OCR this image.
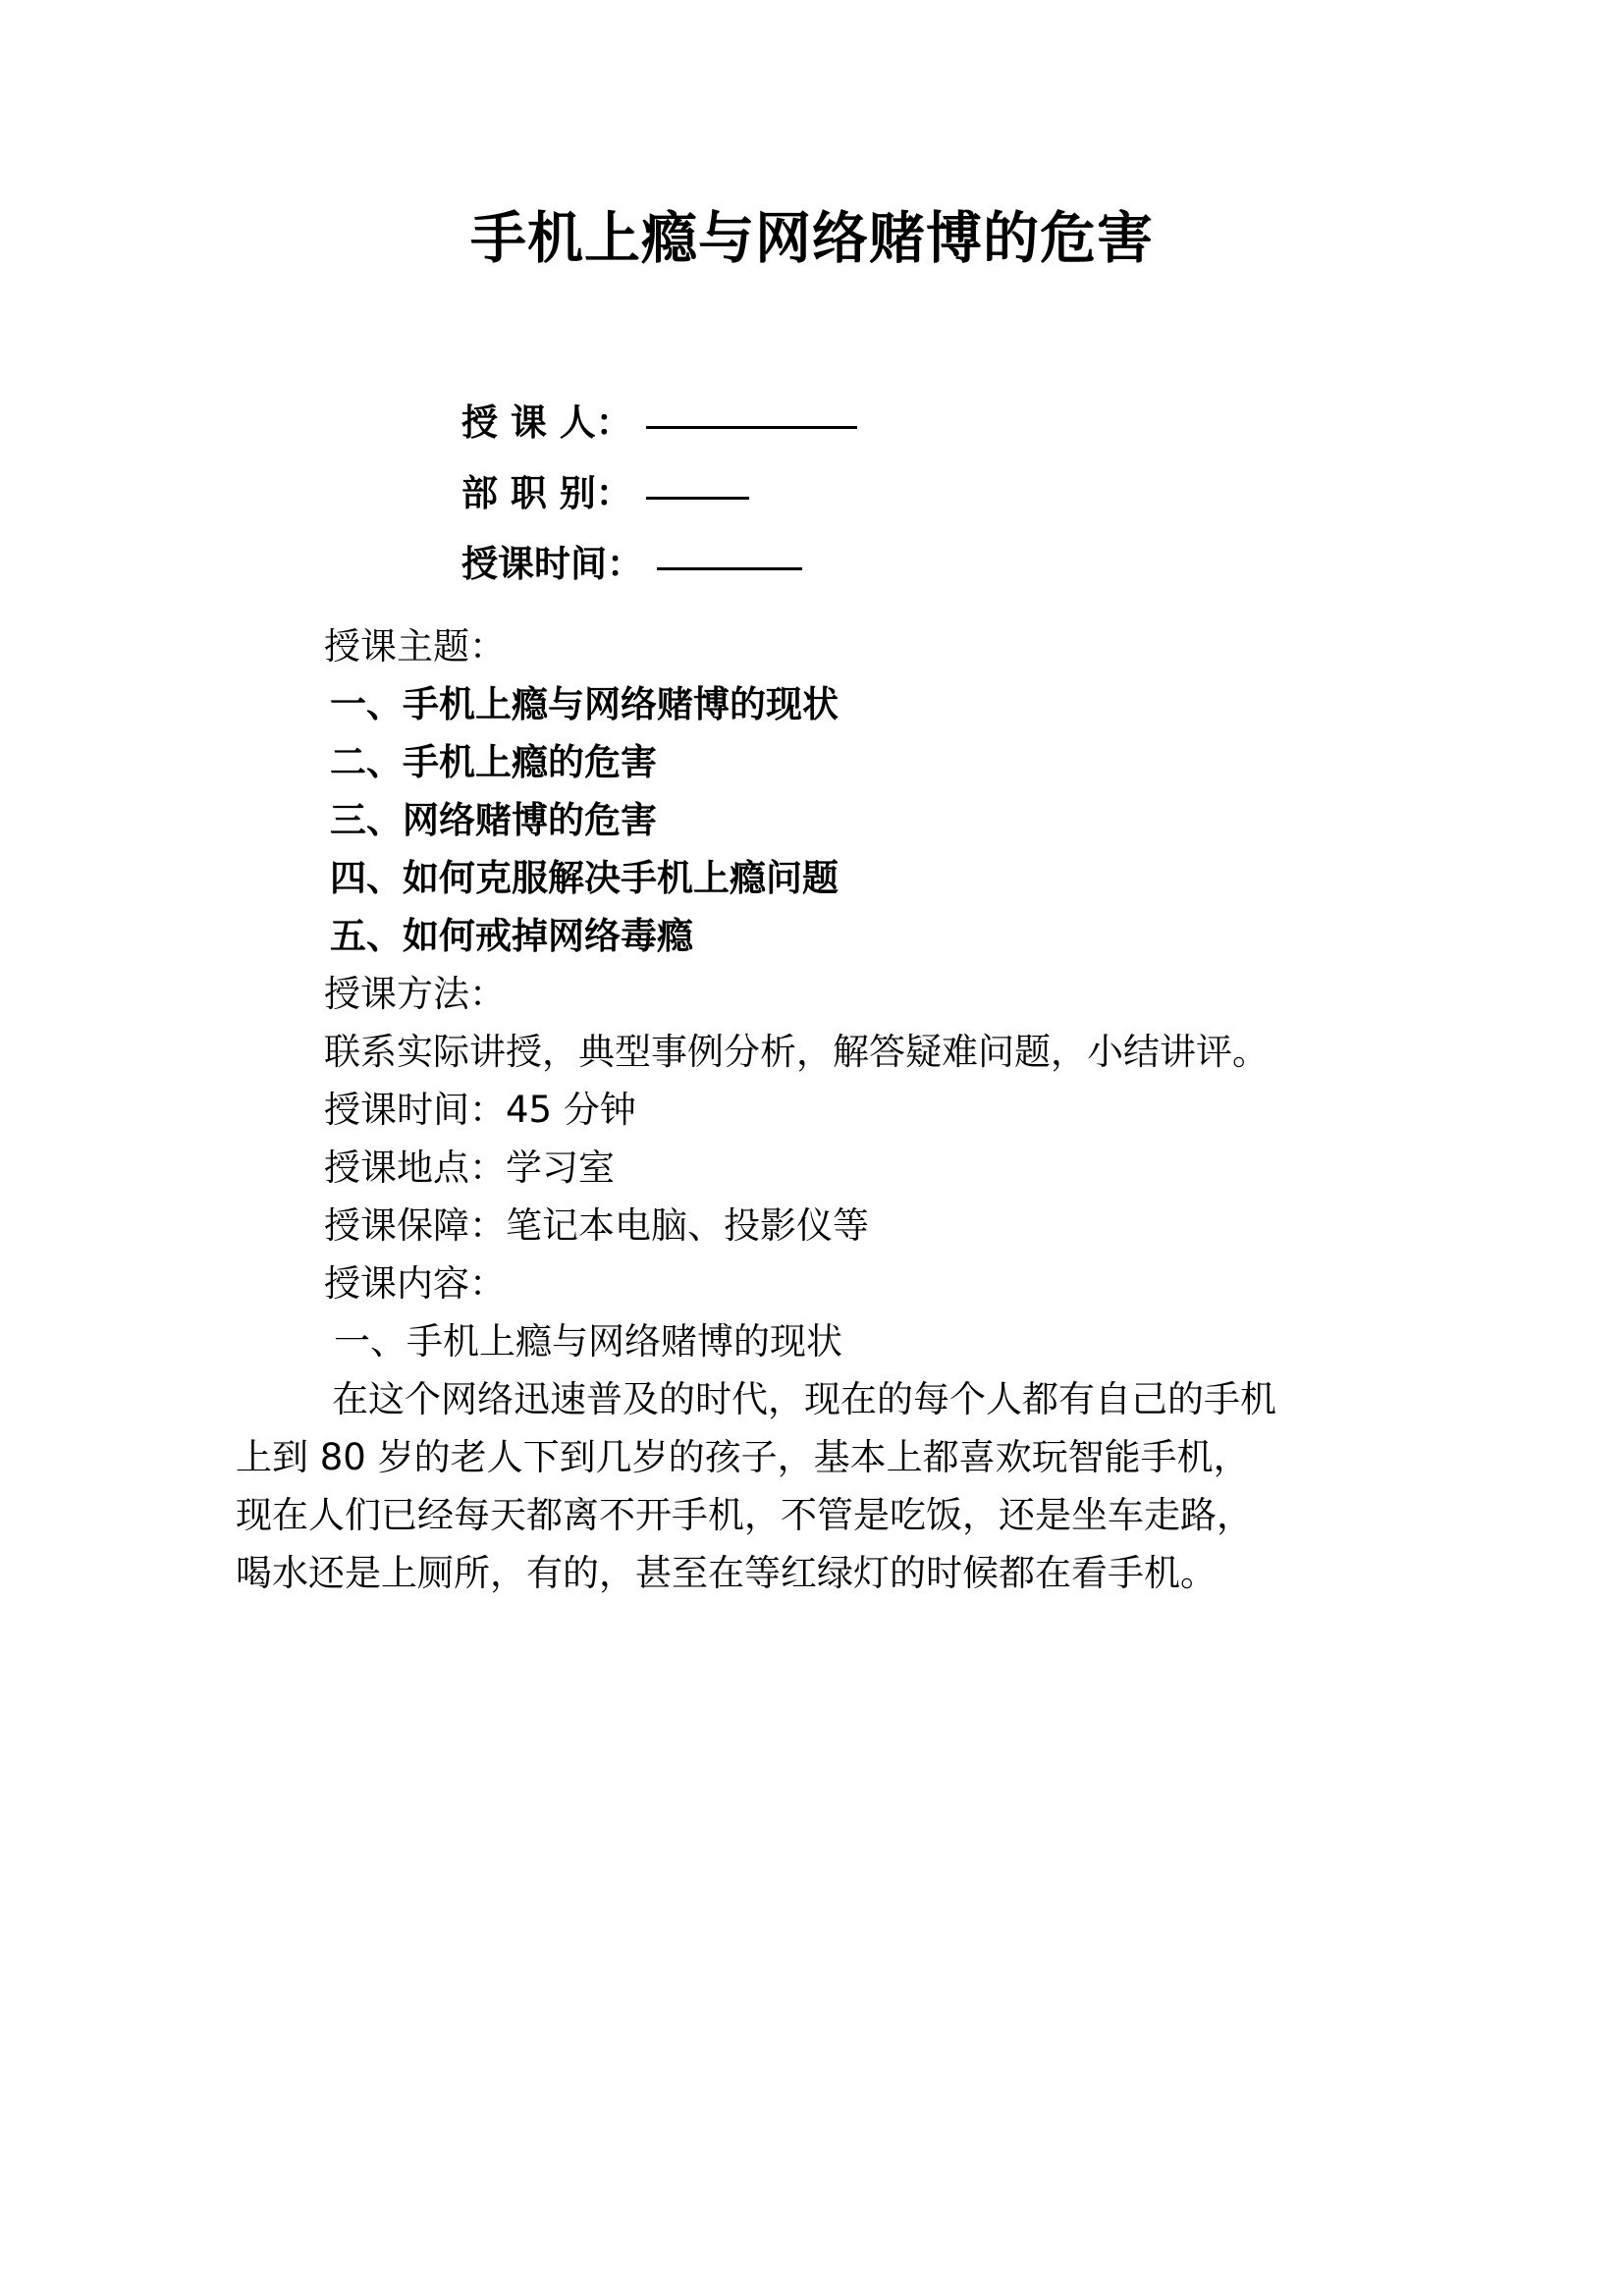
手机上瘾与网络赌博的危害
授 课 人：
部 职 别：
授课时间：
授课主题：
一、手机上瘾与网络赌博的现状
二、手机上瘾的危害
三、网络赌博的危害
四、如何克服解决手机上瘾问题
五、如何戒掉网络毒瘾
授课方法：
联系实际讲授，典型事例分析，解答疑难问题，小结讲评。
授课时间：45 分钟
授课地点：学习室
授课保障：笔记本电脑、投影仪等
授课内容：
一、手机上瘾与网络赌博的现状
在这个网络迅速普及的时代，现在的每个人都有自己的手机
上到 80 岁的老人下到几岁的孩子，基本上都喜欢玩智能手机，
现在人们已经每天都离不开手机，不管是吃饭，还是坐车走路，
喝水还是上厕所，有的，甚至在等红绿灯的时候都在看手机。
